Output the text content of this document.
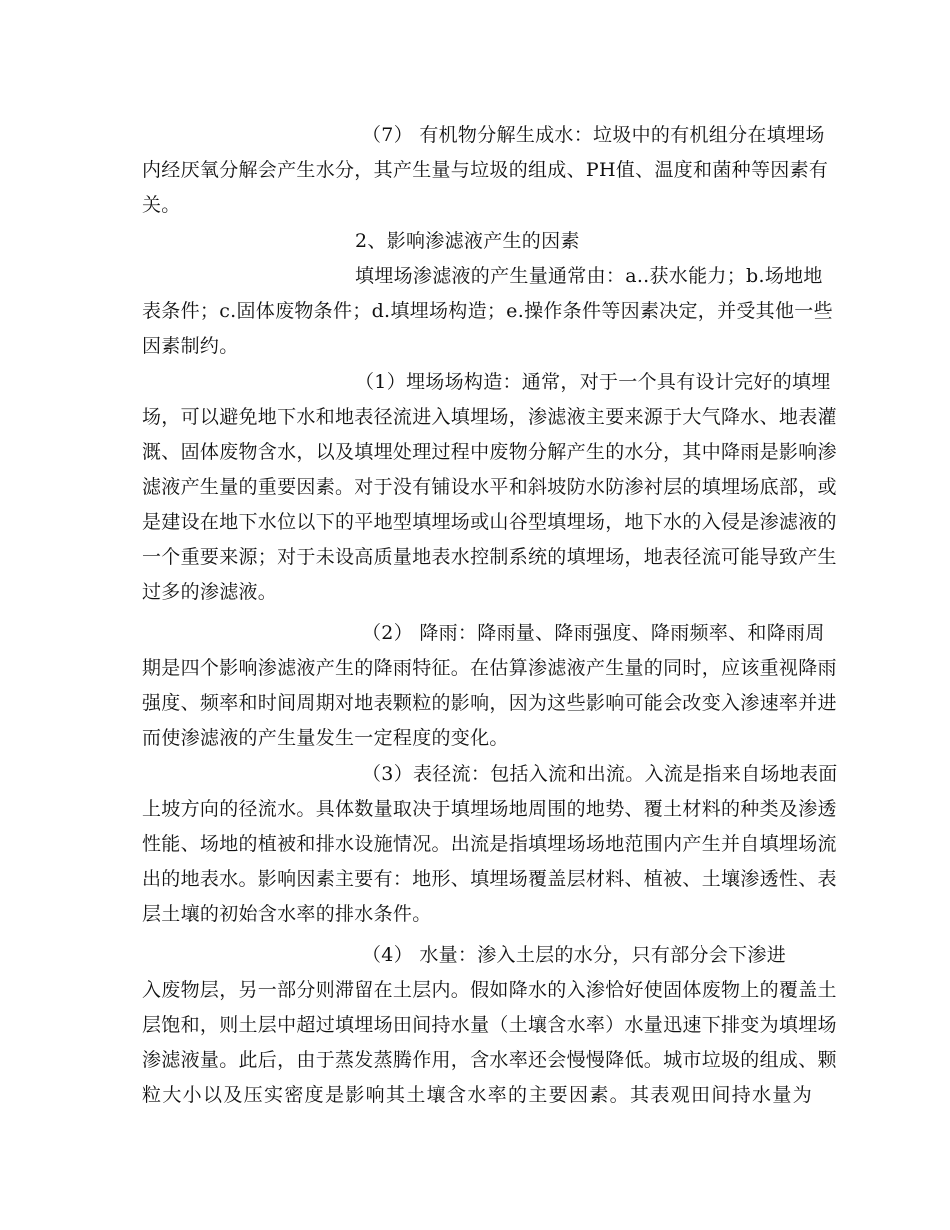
（7） 有机物分解生成水：垃圾中的有机组分在填埋场
内经厌氧分解会产生水分，其产生量与垃圾的组成、PH值、温度和菌种等因素有
关。
2、影响渗滤液产生的因素
填埋场渗滤液的产生量通常由：a..获水能力；b.场地地
表条件；c.固体废物条件；d.填埋场构造；e.操作条件等因素决定，并受其他一些
因素制约。
（1）埋场场构造：通常，对于一个具有设计完好的填埋
场，可以避免地下水和地表径流进入填埋场，渗滤液主要来源于大气降水、地表灌
溉、固体废物含水，以及填埋处理过程中废物分解产生的水分，其中降雨是影响渗
滤液产生量的重要因素。对于没有铺设水平和斜坡防水防渗衬层的填埋场底部，或
是建设在地下水位以下的平地型填埋场或山谷型填埋场，地下水的入侵是渗滤液的
一个重要来源；对于未设高质量地表水控制系统的填埋场，地表径流可能导致产生
过多的渗滤液。
（2） 降雨：降雨量、降雨强度、降雨频率、和降雨周
期是四个影响渗滤液产生的降雨特征。在估算渗滤液产生量的同时，应该重视降雨
强度、频率和时间周期对地表颗粒的影响，因为这些影响可能会改变入渗速率并进
而使渗滤液的产生量发生一定程度的变化。
（3）表径流：包括入流和出流。入流是指来自场地表面
上坡方向的径流水。具体数量取决于填埋场地周围的地势、覆土材料的种类及渗透
性能、场地的植被和排水设施情况。出流是指填埋场场地范围内产生并自填埋场流
出的地表水。影响因素主要有：地形、填埋场覆盖层材料、植被、土壤渗透性、表
层土壤的初始含水率的排水条件。
（4） 水量：渗入土层的水分，只有部分会下渗进
入废物层，另一部分则滞留在土层内。假如降水的入渗恰好使固体废物上的覆盖土
层饱和，则土层中超过填埋场田间持水量（土壤含水率）水量迅速下排变为填埋场
渗滤液量。此后，由于蒸发蒸腾作用，含水率还会慢慢降低。城市垃圾的组成、颗
粒大小以及压实密度是影响其土壤含水率的主要因素。其表观田间持水量为
